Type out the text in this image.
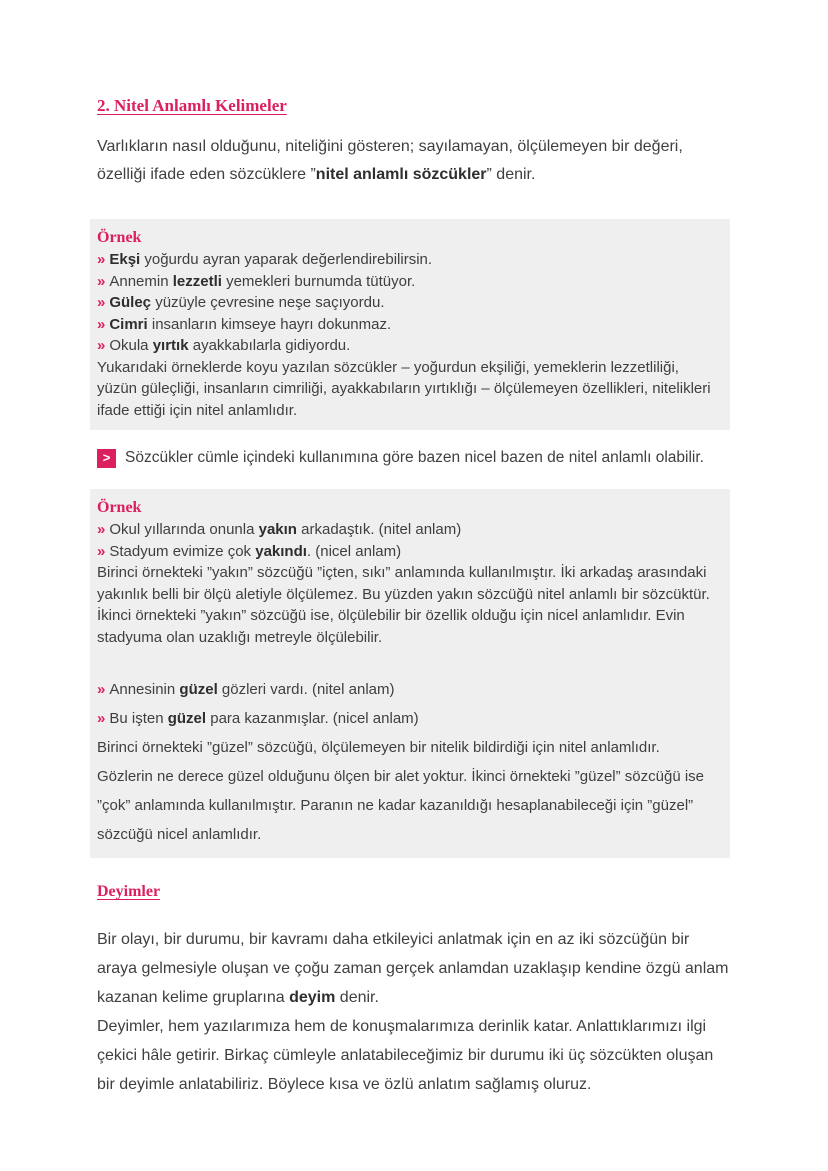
2. Nitel Anlamlı Kelimeler

Varlıkların nasıl olduğunu, niteliğini gösteren; sayılamayan, ölçülemeyen bir değeri, özelliği ifade eden sözcüklere ”nitel anlamlı sözcükler” denir.

Örnek
» Ekşi yoğurdu ayran yaparak değerlendirebilirsin.
» Annemin lezzetli yemekleri burnumda tütüyor.
» Güleç yüzüyle çevresine neşe saçıyordu.
» Cimri insanların kimseye hayrı dokunmaz.
» Okula yırtık ayakkabılarla gidiyordu.

Yukarıdaki örneklerde koyu yazılan sözcükler – yoğurdun ekşiliği, yemeklerin lezzetliliği, yüzün güleçliği, insanların cimriliği, ayakkabıların yırtıklığı – ölçülemeyen özellikleri, nitelikleri ifade ettiği için nitel anlamlıdır.

> Sözcükler cümle içindeki kullanımına göre bazen nicel bazen de nitel anlamlı olabilir.
Örnek
» Okul yıllarında onunla yakın arkadaştık. (nitel anlam)
» Stadyum evimize çok yakındı. (nicel anlam)

Birinci örnekteki ”yakın” sözcüğü ”içten, sıkı” anlamında kullanılmıştır. İki arkadaş arasındaki yakınlık belli bir ölçü aletiyle ölçülemez. Bu yüzden yakın sözcüğü nitel anlamlı bir sözcüktür. İkinci örnekteki ”yakın” sözcüğü ise, ölçülebilir bir özellik olduğu için nicel anlamlıdır. Evin stadyuma olan uzaklığı metreyle ölçülebilir.

» Annesinin güzel gözleri vardı. (nitel anlam)
» Bu işten güzel para kazanmışlar. (nicel anlam)

Birinci örnekteki ”güzel” sözcüğü, ölçülemeyen bir nitelik bildirdiği için nitel anlamlıdır. Gözlerin ne derece güzel olduğunu ölçen bir alet yoktur. İkinci örnekteki ”güzel” sözcüğü ise ”çok” anlamında kullanılmıştır. Paranın ne kadar kazanıldığı hesaplanabileceği için ”güzel” sözcüğü nicel anlamlıdır.

Deyimler

Bir olayı, bir durumu, bir kavramı daha etkileyici anlatmak için en az iki sözcüğün bir araya gelmesiyle oluşan ve çoğu zaman gerçek anlamdan uzaklaşıp kendine özgü anlam kazanan kelime gruplarına deyim denir.

Deyimler, hem yazılarımıza hem de konuşmalarımıza derinlik katar. Anlattıklarımızı ilgi çekici hâle getirir. Birkaç cümleyle anlatabileceğimiz bir durumu iki üç sözcükten oluşan bir deyimle anlatabiliriz. Böylece kısa ve özlü anlatım sağlamış oluruz.
